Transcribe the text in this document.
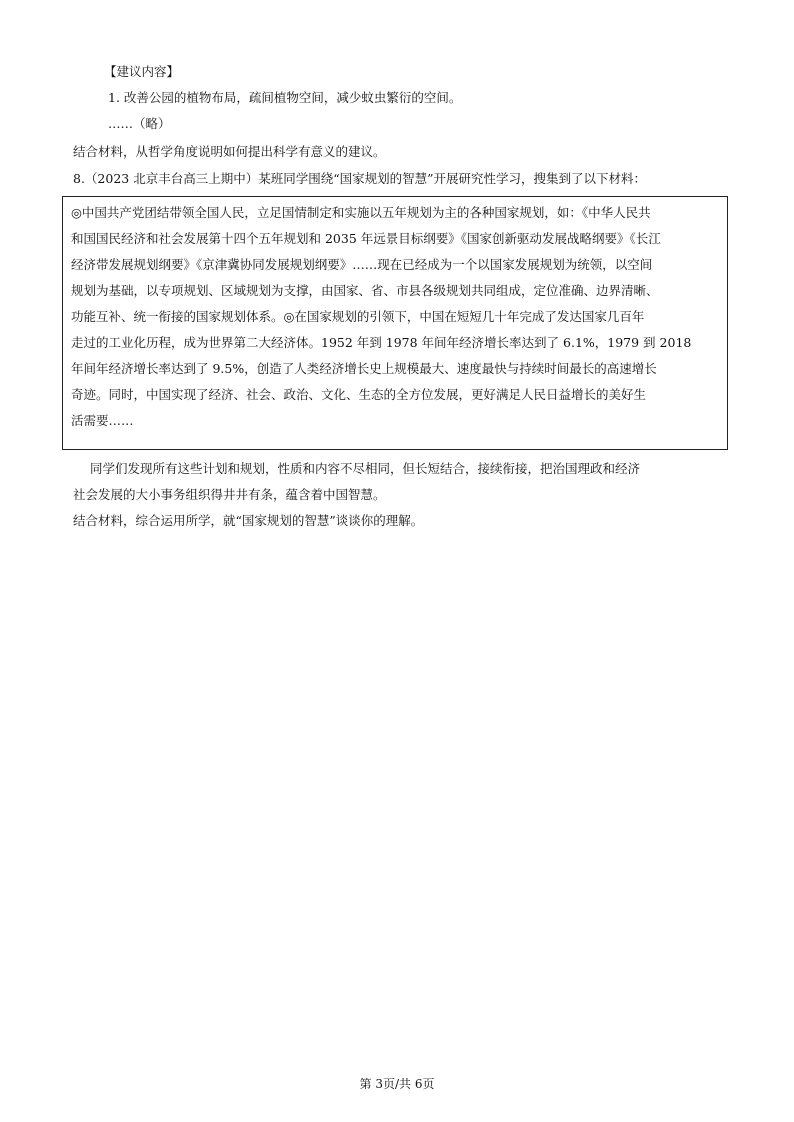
【建议内容】
1. 改善公园的植物布局，疏间植物空间，减少蚊虫繁衍的空间。
……（略）
结合材料，从哲学角度说明如何提出科学有意义的建议。
8.（2023 北京丰台高三上期中）某班同学围绕“国家规划的智慧”开展研究性学习，搜集到了以下材料：
◎中国共产党团结带领全国人民，立足国情制定和实施以五年规划为主的各种国家规划，如：《中华人民共
和国国民经济和社会发展第十四个五年规划和 2035 年远景目标纲要》《国家创新驱动发展战略纲要》《长江
经济带发展规划纲要》《京津冀协同发展规划纲要》……现在已经成为一个以国家发展规划为统领，以空间
规划为基础，以专项规划、区域规划为支撑，由国家、省、市县各级规划共同组成，定位准确、边界清晰、
功能互补、统一衔接的国家规划体系。◎在国家规划的引领下，中国在短短几十年完成了发达国家几百年
走过的工业化历程，成为世界第二大经济体。1952 年到 1978 年间年经济增长率达到了 6.1%，1979 到 2018
年间年经济增长率达到了 9.5%，创造了人类经济增长史上规模最大、速度最快与持续时间最长的高速增长
奇迹。同时，中国实现了经济、社会、政治、文化、生态的全方位发展，更好满足人民日益增长的美好生
活需要……
同学们发现所有这些计划和规划，性质和内容不尽相同，但长短结合，接续衔接，把治国理政和经济
社会发展的大小事务组织得井井有条，蕴含着中国智慧。
结合材料，综合运用所学，就“国家规划的智慧”谈谈你的理解。
第 3页/共 6页
